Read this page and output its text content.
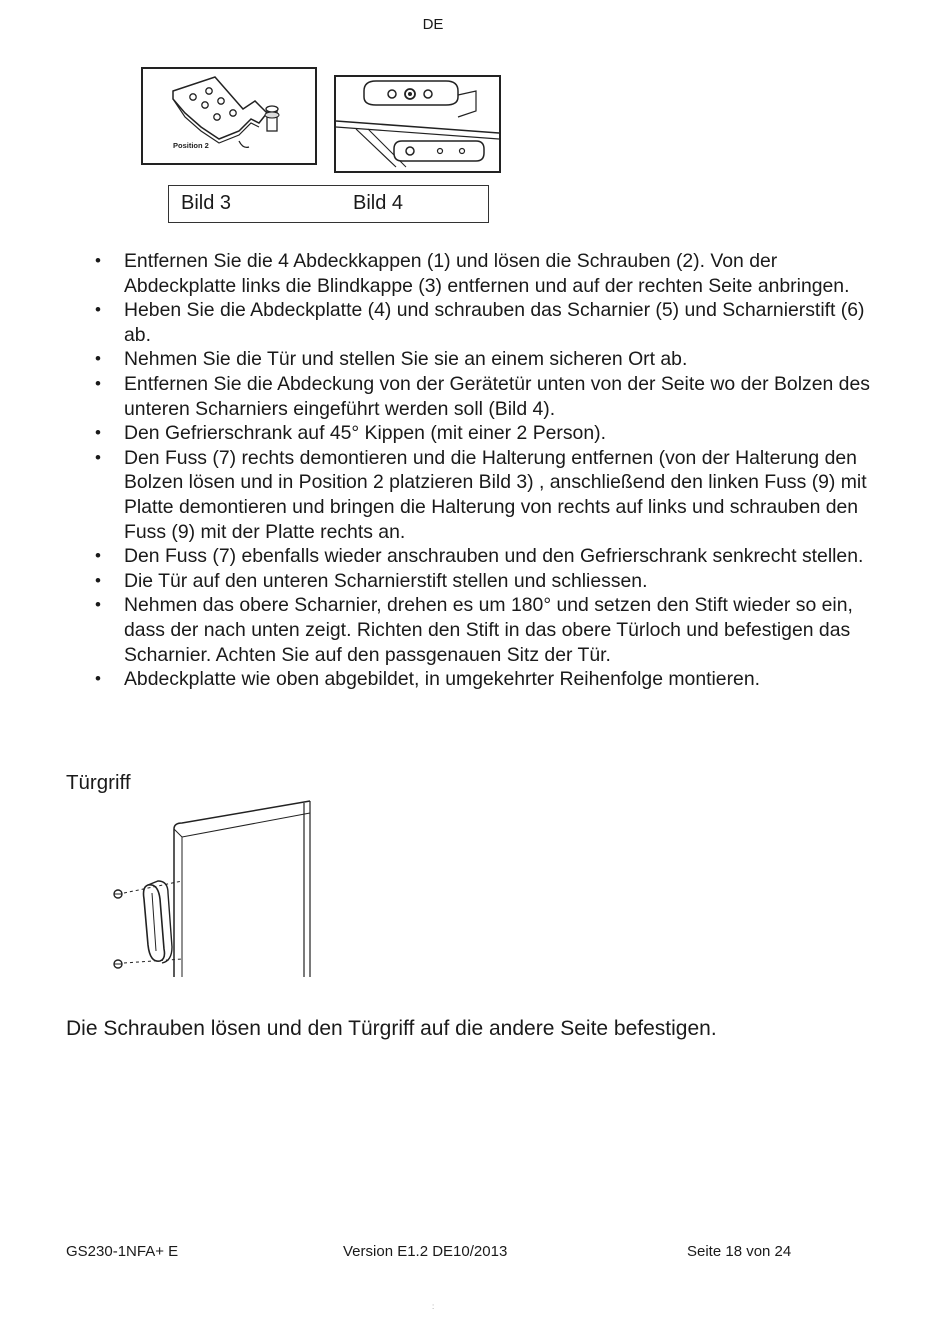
DE
Position 2
Bild 3	Bild 4
• Entfernen Sie die 4 Abdeckkappen (1) und lösen die Schrauben (2). Von der Abdeckplatte links die Blindkappe (3) entfernen und auf der rechten Seite anbringen.
• Heben Sie die Abdeckplatte (4) und schrauben das Scharnier (5) und Scharnierstift (6) ab.
• Nehmen Sie die Tür und stellen Sie sie an einem sicheren Ort ab.
• Entfernen Sie die Abdeckung von der Gerätetür unten von der Seite wo der Bolzen des unteren Scharniers eingeführt werden soll (Bild 4).
• Den Gefrierschrank auf 45° Kippen (mit einer 2 Person).
• Den Fuss (7) rechts demontieren und die Halterung entfernen (von der Halterung den Bolzen lösen und in Position 2 platzieren Bild 3) , anschließend den linken Fuss (9) mit Platte demontieren und bringen die Halterung von rechts auf links und schrauben den Fuss (9) mit der Platte rechts an.
• Den Fuss (7) ebenfalls wieder anschrauben und den Gefrierschrank senkrecht stellen.
• Die Tür auf den unteren Scharnierstift stellen und schliessen.
• Nehmen das obere Scharnier, drehen es um 180° und setzen den Stift wieder so ein, dass der nach unten zeigt. Richten den Stift in das obere Türloch und befestigen das Scharnier. Achten Sie auf den passgenauen Sitz der Tür.
• Abdeckplatte wie oben abgebildet, in umgekehrter Reihenfolge montieren.
Türgriff
Die Schrauben lösen und den Türgriff auf die andere Seite befestigen.
GS230-1NFA+ E	Version E1.2 DE10/2013	Seite 18 von 24
:
